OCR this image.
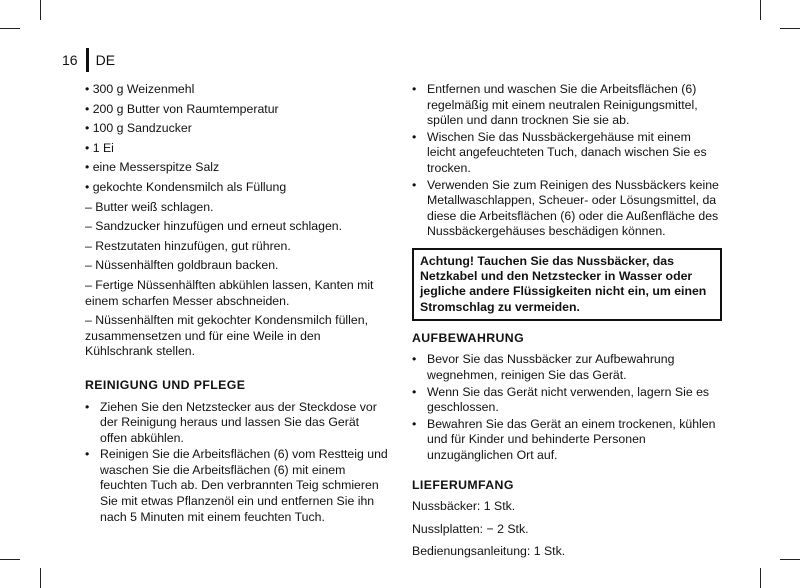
16 DE
• 300 g Weizenmehl
• 200 g Butter von Raumtemperatur
• 100 g Sandzucker
• 1 Ei
• eine Messerspitze Salz
• gekochte Kondensmilch als Füllung
– Butter weiß schlagen.
– Sandzucker hinzufügen und erneut schlagen.
– Restzutaten hinzufügen, gut rühren.
– Nüssenhälften goldbraun backen.
– Fertige Nüssenhälften abkühlen lassen, Kanten mit einem scharfen Messer abschneiden.
– Nüssenhälften mit gekochter Kondensmilch füllen, zusammensetzen und für eine Weile in den Kühlschrank stellen.
REINIGUNG UND PFLEGE
• Ziehen Sie den Netzstecker aus der Steckdose vor der Reinigung heraus und lassen Sie das Gerät offen abkühlen.
• Reinigen Sie die Arbeitsflächen (6) vom Restteig und waschen Sie die Arbeitsflächen (6) mit einem feuchten Tuch ab. Den verbrannten Teig schmieren Sie mit etwas Pflanzenöl ein und entfernen Sie ihn nach 5 Minuten mit einem feuchten Tuch.
• Entfernen und waschen Sie die Arbeitsflächen (6) regelmäßig mit einem neutralen Reinigungsmittel, spülen und dann trocknen Sie sie ab.
• Wischen Sie das Nussbäckergehäuse mit einem leicht angefeuchteten Tuch, danach wischen Sie es trocken.
• Verwenden Sie zum Reinigen des Nussbäckers keine Metallwaschlappen, Scheuer- oder Lösungsmittel, da diese die Arbeitsflächen (6) oder die Außenfläche des Nussbäckergehäuses beschädigen können.
Achtung! Tauchen Sie das Nussbäcker, das Netzkabel und den Netzstecker in Wasser oder jegliche andere Flüssigkeiten nicht ein, um einen Stromschlag zu vermeiden.
AUFBEWAHRUNG
• Bevor Sie das Nussbäcker zur Aufbewahrung wegnehmen, reinigen Sie das Gerät.
• Wenn Sie das Gerät nicht verwenden, lagern Sie es geschlossen.
• Bewahren Sie das Gerät an einem trockenen, kühlen und für Kinder und behinderte Personen unzugänglichen Ort auf.
LIEFERUMFANG
Nussbäcker: 1 Stk.
Nusslplatten: − 2 Stk.
Bedienungsanleitung: 1 Stk.
